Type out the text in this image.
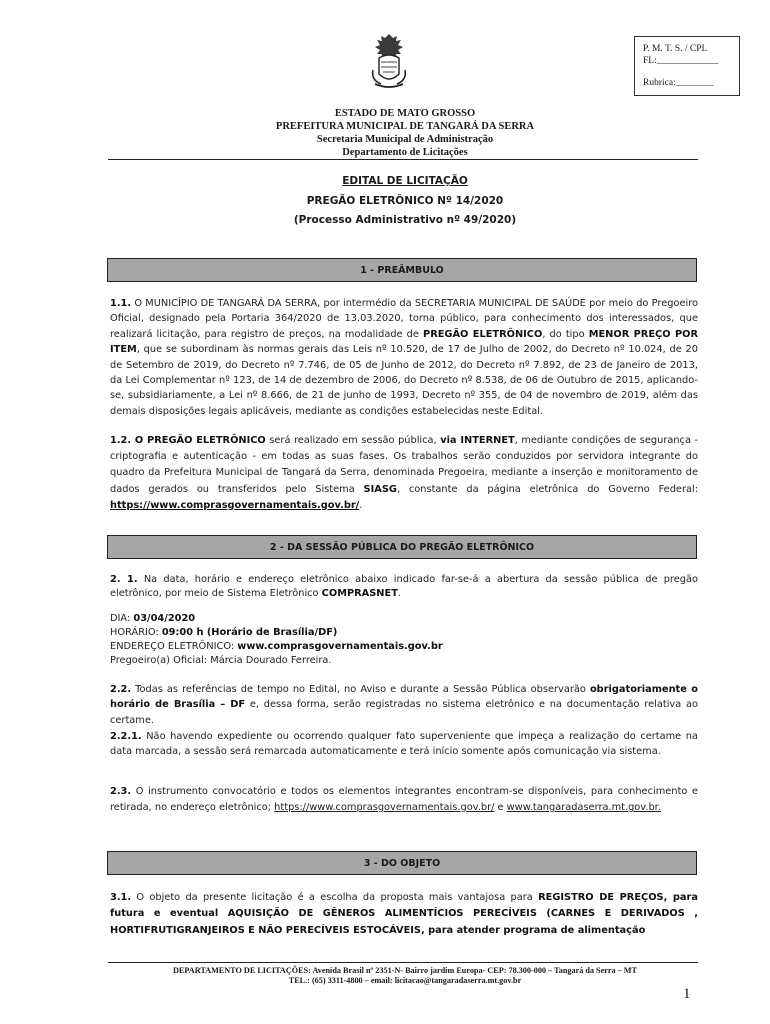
P. M. T. S. / CPL
FL:_____________
Rubrica:________
ESTADO DE MATO GROSSO
PREFEITURA MUNICIPAL DE TANGARÁ DA SERRA
Secretaria Municipal de Administração
Departamento de Licitações
EDITAL DE LICITAÇÃO
PREGÃO ELETRÔNICO Nº 14/2020
(Processo Administrativo nº 49/2020)
1 - PREÂMBULO
1.1. O MUNICÍPIO DE TANGARÁ DA SERRA, por intermédio da SECRETARIA MUNICIPAL DE SAÚDE por meio do Pregoeiro Oficial, designado pela Portaria 364/2020 de 13.03.2020, torna público, para conhecimento dos interessados, que realizará licitação, para registro de preços, na modalidade de PREGÃO ELETRÔNICO, do tipo MENOR PREÇO POR ITEM, que se subordinam às normas gerais das Leis nº 10.520, de 17 de Julho de 2002, do Decreto nº 10.024, de 20 de Setembro de 2019, do Decreto nº 7.746, de 05 de Junho de 2012, do Decreto nº 7.892, de 23 de Janeiro de 2013, da Lei Complementar nº 123, de 14 de dezembro de 2006, do Decreto nº 8.538, de 06 de Outubro de 2015, aplicando-se, subsidiariamente, a Lei nº 8.666, de 21 de junho de 1993, Decreto nº 355, de 04 de novembro de 2019, além das demais disposições legais aplicáveis, mediante as condições estabelecidas neste Edital.
1.2. O PREGÃO ELETRÔNICO será realizado em sessão pública, via INTERNET, mediante condições de segurança - criptografia e autenticação - em todas as suas fases. Os trabalhos serão conduzidos por servidora integrante do quadro da Prefeitura Municipal de Tangará da Serra, denominada Pregoeira, mediante a inserção e monitoramento de dados gerados ou transferidos pelo Sistema SIASG, constante da página eletrônica do Governo Federal: https://www.comprasgovernamentais.gov.br/.
2 - DA SESSÃO PÚBLICA DO PREGÃO ELETRÔNICO
2. 1. Na data, horário e endereço eletrônico abaixo indicado far-se-á a abertura da sessão pública de pregão eletrônico, por meio de Sistema Eletrônico COMPRASNET.
DIA: 03/04/2020
HORÁRIO: 09:00 h (Horário de Brasília/DF)
ENDEREÇO ELETRÔNICO: www.comprasgovernamentais.gov.br
Pregoeiro(a) Oficial: Márcia Dourado Ferreira.
2.2. Todas as referências de tempo no Edital, no Aviso e durante a Sessão Pública observarão obrigatoriamente o horário de Brasília – DF e, dessa forma, serão registradas no sistema eletrônico e na documentação relativa ao certame.
2.2.1. Não havendo expediente ou ocorrendo qualquer fato superveniente que impeça a realização do certame na data marcada, a sessão será remarcada automaticamente e terá início somente após comunicação via sistema.
2.3. O instrumento convocatório e todos os elementos integrantes encontram-se disponíveis, para conhecimento e retirada, no endereço eletrônico; https://www.comprasgovernamentais.gov.br/ e www.tangaradaserra.mt.gov.br.
3 - DO OBJETO
3.1. O objeto da presente licitação é a escolha da proposta mais vantajosa para REGISTRO DE PREÇOS, para futura e eventual AQUISIÇÃO DE GÊNEROS ALIMENTÍCIOS PERECÍVEIS (CARNES E DERIVADOS , HORTIFRUTIGRANJEIROS E NÃO PERECÍVEIS ESTOCÁVEIS, para atender programa de alimentação
DEPARTAMENTO DE LICITAÇÕES: Avenida Brasil nº 2351-N- Bairro jardim Europa- CEP: 78.300-000 – Tangará da Serra – MT
TEL.: (65) 3311-4800 – email: licitacao@tangaradaserra.mt.gov.br
1
